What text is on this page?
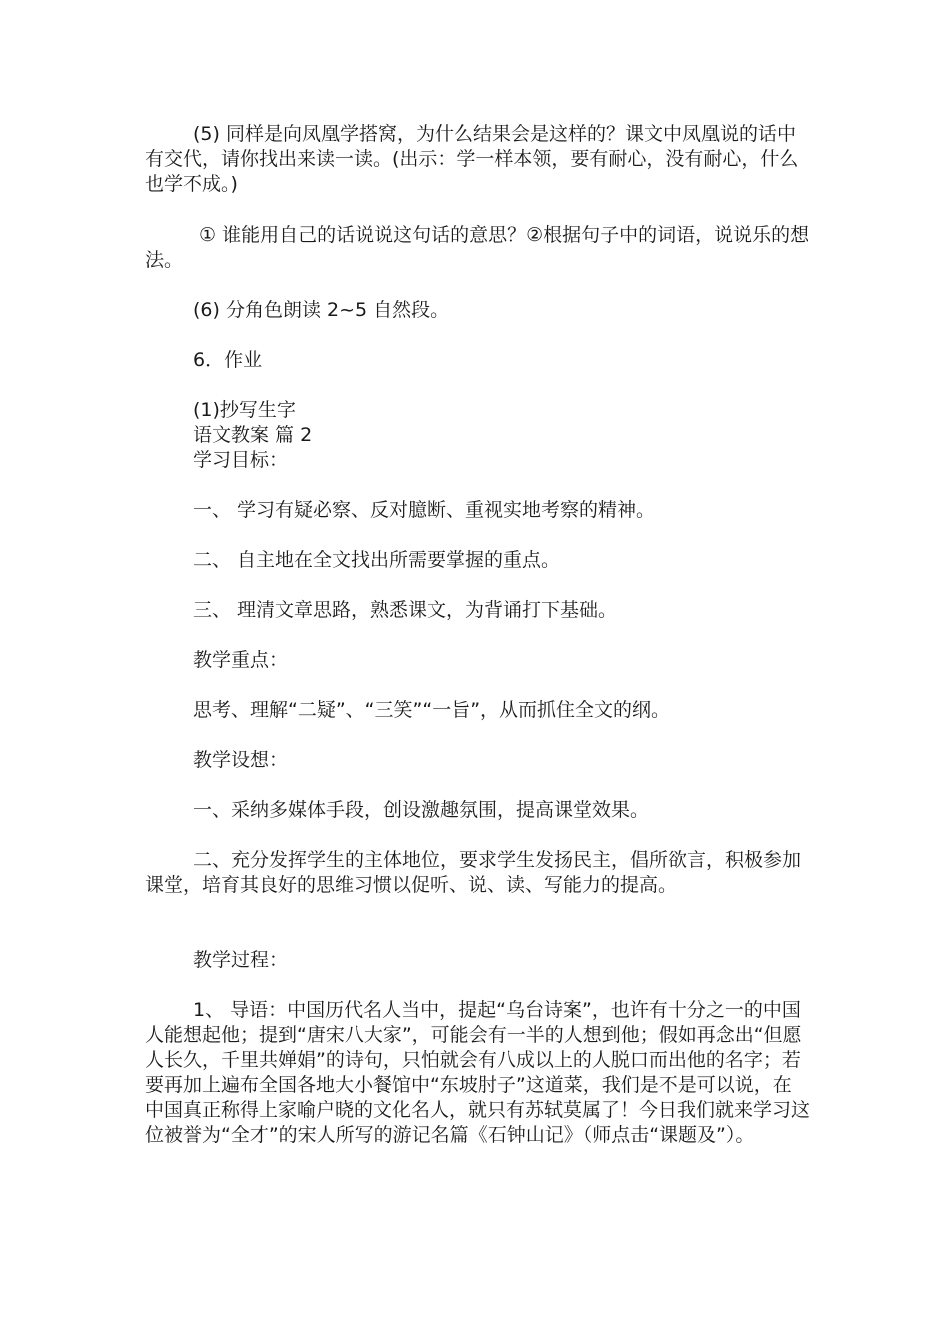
(5) 同样是向凤凰学搭窝，为什么结果会是这样的？课文中凤凰说的话中有交代，请你找出来读一读。(出示：学一样本领，要有耐心，没有耐心，什么也学不成。)

① 谁能用自己的话说说这句话的意思？②根据句子中的词语，说说乐的想法。

(6) 分角色朗读 2~5 自然段。

6．作业

(1)抄写生字

语文教案 篇 2

学习目标：

一、 学习有疑必察、反对臆断、重视实地考察的精神。

二、 自主地在全文找出所需要掌握的重点。

三、 理清文章思路，熟悉课文，为背诵打下基础。

教学重点：

思考、理解“二疑”、“三笑”“一旨”，从而抓住全文的纲。

教学设想：

一、采纳多媒体手段，创设激趣氛围，提高课堂效果。

二、充分发挥学生的主体地位，要求学生发扬民主，倡所欲言，积极参加课堂，培育其良好的思维习惯以促听、说、读、写能力的提高。

教学过程：

1、 导语：中国历代名人当中，提起“乌台诗案”，也许有十分之一的中国人能想起他；提到“唐宋八大家”，可能会有一半的人想到他；假如再念出“但愿人长久，千里共婵娟”的诗句，只怕就会有八成以上的人脱口而出他的名字；若要再加上遍布全国各地大小餐馆中“东坡肘子”这道菜，我们是不是可以说，在中国真正称得上家喻户晓的文化名人，就只有苏轼莫属了！今日我们就来学习这位被誉为“全才”的宋人所写的游记名篇《石钟山记》（师点击“课题及”）。
